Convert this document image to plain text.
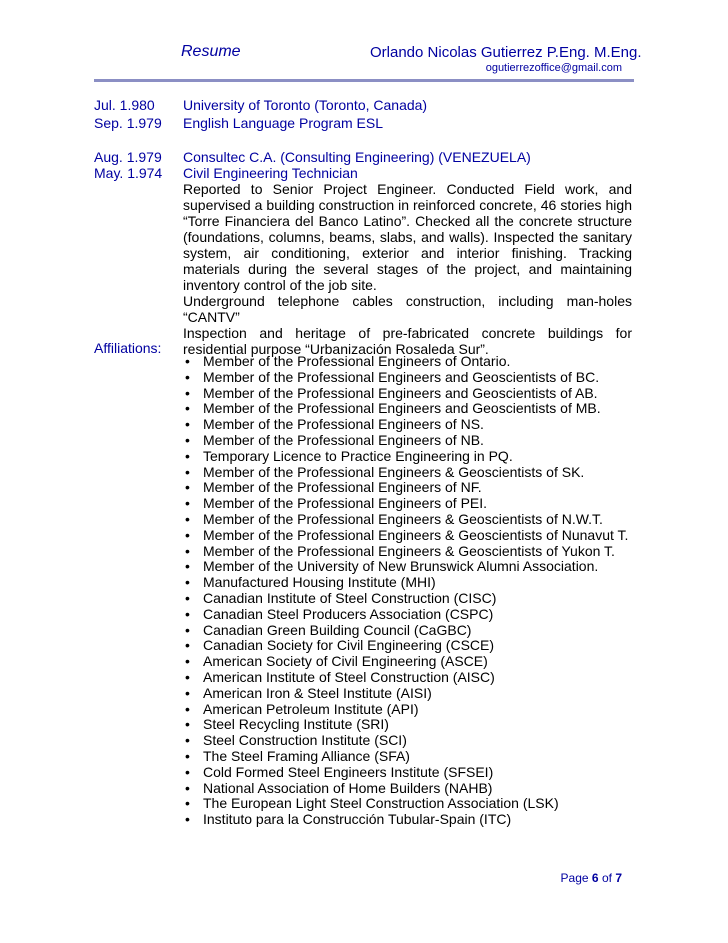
Resume	Orlando Nicolas Gutierrez P.Eng. M.Eng.
ogutierrezoffice@gmail.com
Jul. 1.980 University of Toronto (Toronto, Canada)
Sep. 1.979 English Language Program ESL
Aug. 1.979 Consultec C.A. (Consulting Engineering) (VENEZUELA)
May. 1.974 Civil Engineering Technician

Reported to Senior Project Engineer. Conducted Field work, and supervised a building construction in reinforced concrete, 46 stories high “Torre Financiera del Banco Latino”. Checked all the concrete structure (foundations, columns, beams, slabs, and walls). Inspected the sanitary system, air conditioning, exterior and interior finishing. Tracking materials during the several stages of the project, and maintaining inventory control of the job site.

Underground telephone cables construction, including man-holes “CANTV”

Inspection and heritage of pre-fabricated concrete buildings for residential purpose “Urbanización Rosaleda Sur”.

Affiliations:
• Member of the Professional Engineers of Ontario.
• Member of the Professional Engineers and Geoscientists of BC.
• Member of the Professional Engineers and Geoscientists of AB.
• Member of the Professional Engineers and Geoscientists of MB.
• Member of the Professional Engineers of NS.
• Member of the Professional Engineers of NB.
• Temporary Licence to Practice Engineering in PQ.
• Member of the Professional Engineers & Geoscientists of SK.
• Member of the Professional Engineers of NF.
• Member of the Professional Engineers of PEI.
• Member of the Professional Engineers & Geoscientists of N.W.T.
• Member of the Professional Engineers & Geoscientists of Nunavut T.
• Member of the Professional Engineers & Geoscientists of Yukon T.
• Member of the University of New Brunswick Alumni Association.
• Manufactured Housing Institute (MHI)
• Canadian Institute of Steel Construction (CISC)
• Canadian Steel Producers Association (CSPC)
• Canadian Green Building Council (CaGBC)
• Canadian Society for Civil Engineering (CSCE)
• American Society of Civil Engineering (ASCE)
• American Institute of Steel Construction (AISC)
• American Iron & Steel Institute (AISI)
• American Petroleum Institute (API)
• Steel Recycling Institute (SRI)
• Steel Construction Institute (SCI)
• The Steel Framing Alliance (SFA)
• Cold Formed Steel Engineers Institute (SFSEI)
• National Association of Home Builders (NAHB)
• The European Light Steel Construction Association (LSK)
• Instituto para la Construcción Tubular-Spain (ITC)
Page 6 of 7
